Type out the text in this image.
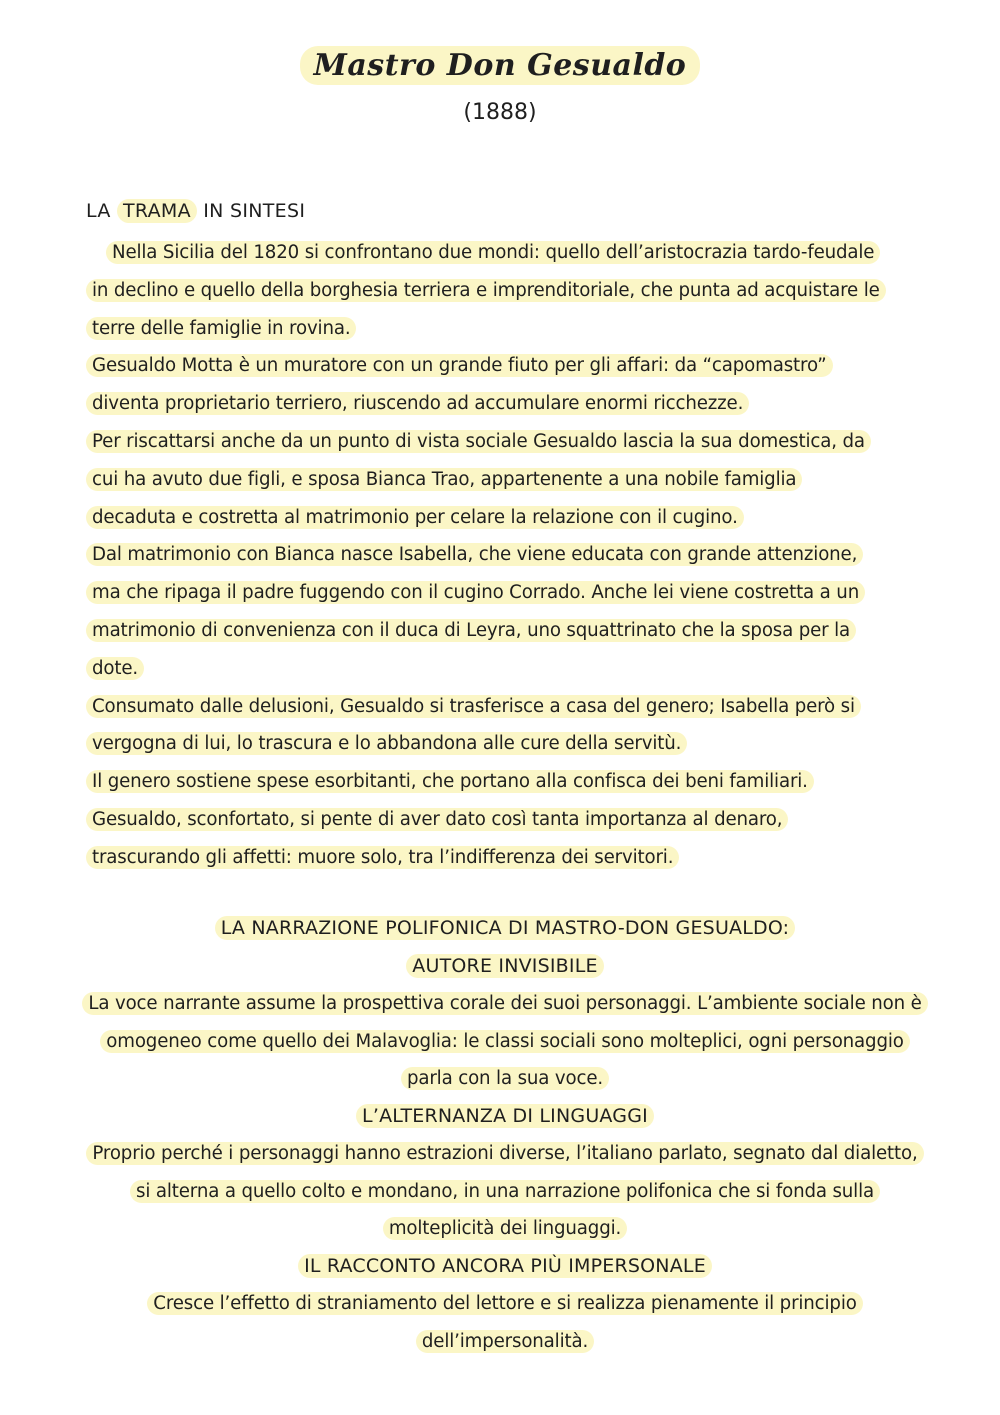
Mastro Don Gesualdo
(1888)
LA TRAMA IN SINTESI

Nella Sicilia del 1820 si confrontano due mondi: quello dell’aristocrazia tardo-feudale in declino e quello della borghesia terriera e imprenditoriale, che punta ad acquistare le terre delle famiglie in rovina.

Gesualdo Motta è un muratore con un grande fiuto per gli affari: da “capomastro” diventa proprietario terriero, riuscendo ad accumulare enormi ricchezze.

Per riscattarsi anche da un punto di vista sociale Gesualdo lascia la sua domestica, da cui ha avuto due figli, e sposa Bianca Trao, appartenente a una nobile famiglia decaduta e costretta al matrimonio per celare la relazione con il cugino.

Dal matrimonio con Bianca nasce Isabella, che viene educata con grande attenzione, ma che ripaga il padre fuggendo con il cugino Corrado. Anche lei viene costretta a un matrimonio di convenienza con il duca di Leyra, uno squattrinato che la sposa per la dote.

Consumato dalle delusioni, Gesualdo si trasferisce a casa del genero; Isabella però si vergogna di lui, lo trascura e lo abbandona alle cure della servitù.

Il genero sostiene spese esorbitanti, che portano alla confisca dei beni familiari.

Gesualdo, sconfortato, si pente di aver dato così tanta importanza al denaro, trascurando gli affetti: muore solo, tra l’indifferenza dei servitori.

LA NARRAZIONE POLIFONICA DI MASTRO-DON GESUALDO:

AUTORE INVISIBILE

La voce narrante assume la prospettiva corale dei suoi personaggi. L’ambiente sociale non è omogeneo come quello dei Malavoglia: le classi sociali sono molteplici, ogni personaggio parla con la sua voce.

L’ALTERNANZA DI LINGUAGGI

Proprio perché i personaggi hanno estrazioni diverse, l’italiano parlato, segnato dal dialetto, si alterna a quello colto e mondano, in una narrazione polifonica che si fonda sulla molteplicità dei linguaggi.

IL RACCONTO ANCORA PIÙ IMPERSONALE

Cresce l’effetto di straniamento del lettore e si realizza pienamente il principio dell’impersonalità.
